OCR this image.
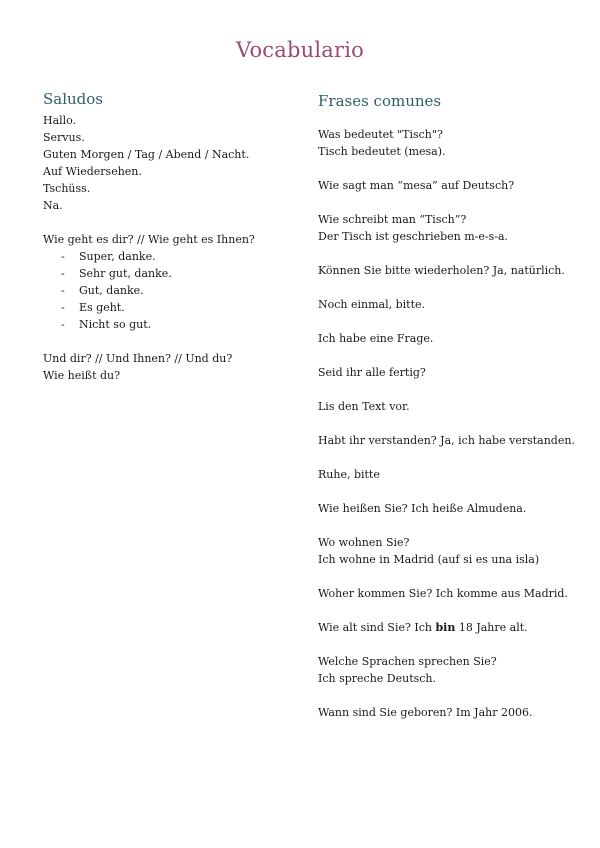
Vocabulario
Saludos
Hallo.
Servus.
Guten Morgen / Tag / Abend / Nacht.
Auf Wiedersehen.
Tschüss.
Na.
Wie geht es dir? // Wie geht es Ihnen?
- Super, danke.
- Sehr gut, danke.
- Gut, danke.
- Es geht.
- Nicht so gut.
Und dir? // Und Ihnen? // Und du?
Wie heißt du?
Frases comunes
Was bedeutet "Tisch"?
Tisch bedeutet (mesa).
Wie sagt man “mesa” auf Deutsch?
Wie schreibt man “Tisch”?
Der Tisch ist geschrieben m-e-s-a.
Können Sie bitte wiederholen? Ja, natürlich.
Noch einmal, bitte.
Ich habe eine Frage.
Seid ihr alle fertig?
Lis den Text vor.
Habt ihr verstanden? Ja, ich habe verstanden.
Ruhe, bitte
Wie heißen Sie? Ich heiße Almudena.
Wo wohnen Sie?
Ich wohne in Madrid (auf si es una isla)
Woher kommen Sie? Ich komme aus Madrid.
Wie alt sind Sie? Ich bin 18 Jahre alt.
Welche Sprachen sprechen Sie?
Ich spreche Deutsch.
Wann sind Sie geboren? Im Jahr 2006.
